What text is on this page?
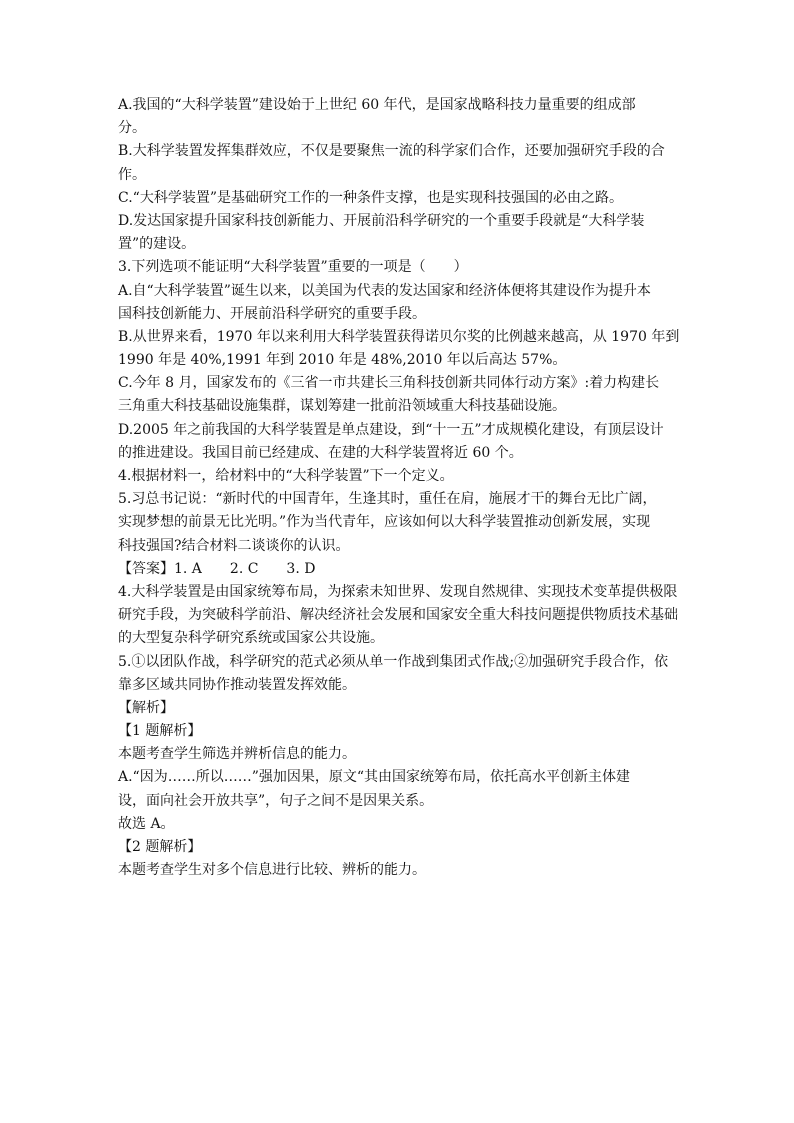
A.我国的“大科学装置”建设始于上世纪 60 年代，是国家战略科技力量重要的组成部
分。
B.大科学装置发挥集群效应，不仅是要聚焦一流的科学家们合作，还要加强研究手段的合
作。
C.“大科学装置”是基础研究工作的一种条件支撑，也是实现科技强国的必由之路。
D.发达国家提升国家科技创新能力、开展前沿科学研究的一个重要手段就是“大科学装
置”的建设。
3.下列选项不能证明“大科学装置”重要的一项是（　　）
A.自“大科学装置”诞生以来，以美国为代表的发达国家和经济体便将其建设作为提升本
国科技创新能力、开展前沿科学研究的重要手段。
B.从世界来看，1970 年以来利用大科学装置获得诺贝尔奖的比例越来越高，从 1970 年到
1990 年是 40%,1991 年到 2010 年是 48%,2010 年以后高达 57%。
C.今年 8 月，国家发布的《三省一市共建长三角科技创新共同体行动方案》:着力构建长
三角重大科技基础设施集群，谋划筹建一批前沿领域重大科技基础设施。
D.2005 年之前我国的大科学装置是单点建设，到“十一五”才成规模化建设，有顶层设计
的推进建设。我国目前已经建成、在建的大科学装置将近 60 个。
4.根据材料一，给材料中的“大科学装置”下一个定义。
5.习总书记说：“新时代的中国青年，生逢其时，重任在肩，施展才干的舞台无比广阔，
实现梦想的前景无比光明。”作为当代青年，应该如何以大科学装置推动创新发展，实现
科技强国?结合材料二谈谈你的认识。
【答案】1. A　　2. C　　3. D
4.大科学装置是由国家统筹布局，为探索未知世界、发现自然规律、实现技术变革提供极限
研究手段，为突破科学前沿、解决经济社会发展和国家安全重大科技问题提供物质技术基础
的大型复杂科学研究系统或国家公共设施。
5.①以团队作战，科学研究的范式必须从单一作战到集团式作战;②加强研究手段合作，依
靠多区域共同协作推动装置发挥效能。
【解析】
【1 题解析】
本题考查学生筛选并辨析信息的能力。
A.“因为……所以……”强加因果，原文“其由国家统筹布局，依托高水平创新主体建
设，面向社会开放共享”，句子之间不是因果关系。
故选 A。
【2 题解析】
本题考查学生对多个信息进行比较、辨析的能力。
